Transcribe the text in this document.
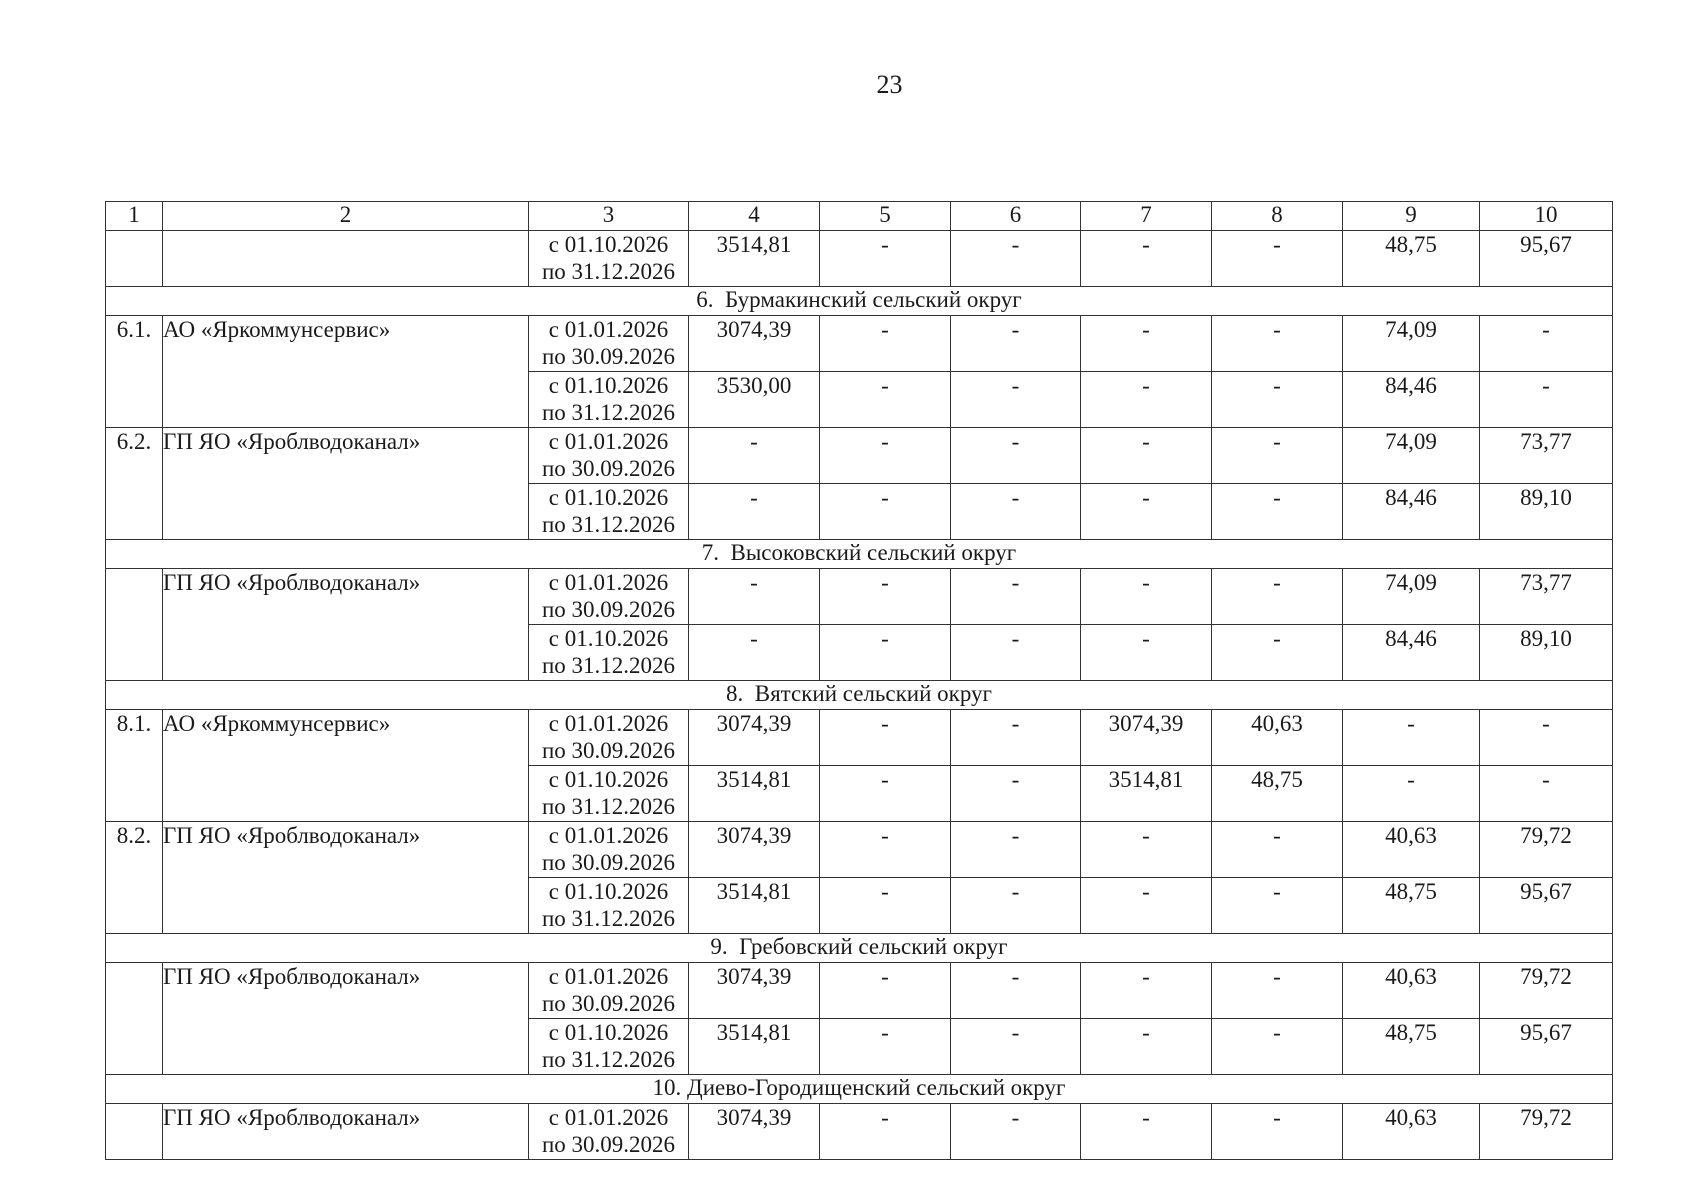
23
1	2	3	4	5	6	7	8	9	10

		с 01.10.2026
по 31.12.2026	3514,81	-	-	-	-	48,75	95,67
6.  Бурмакинский сельский округ									
6.1.	АО «Яркоммунсервис»	с 01.01.2026
по 30.09.2026	3074,39	-	-	-	-	74,09	-

		с 01.10.2026
по 31.12.2026	3530,00	-	-	-	-	84,46	-
6.2.	ГП ЯО «Яроблводоканал»	с 01.01.2026
по 30.09.2026	-	-	-	-	-	74,09	73,77

		с 01.10.2026
по 31.12.2026	-	-	-	-	-	84,46	89,10
7.  Высоковский сельский округ									
	ГП ЯО «Яроблводоканал»	с 01.01.2026
по 30.09.2026	-	-	-	-	-	74,09	73,77

		с 01.10.2026
по 31.12.2026	-	-	-	-	-	84,46	89,10
8.  Вятский сельский округ									
8.1.	АО «Яркоммунсервис»	с 01.01.2026
по 30.09.2026	3074,39	-	-	3074,39	40,63	-	-

		с 01.10.2026
по 31.12.2026	3514,81	-	-	3514,81	48,75	-	-
8.2.	ГП ЯО «Яроблводоканал»	с 01.01.2026
по 30.09.2026	3074,39	-	-	-	-	40,63	79,72

		с 01.10.2026
по 31.12.2026	3514,81	-	-	-	-	48,75	95,67
9.  Гребовский сельский округ									
	ГП ЯО «Яроблводоканал»	с 01.01.2026
по 30.09.2026	3074,39	-	-	-	-	40,63	79,72

		с 01.10.2026
по 31.12.2026	3514,81	-	-	-	-	48,75	95,67
10. Диево-Городищенский сельский округ									
	ГП ЯО «Яроблводоканал»	с 01.01.2026
по 30.09.2026	3074,39	-	-	-	-	40,63	79,72
